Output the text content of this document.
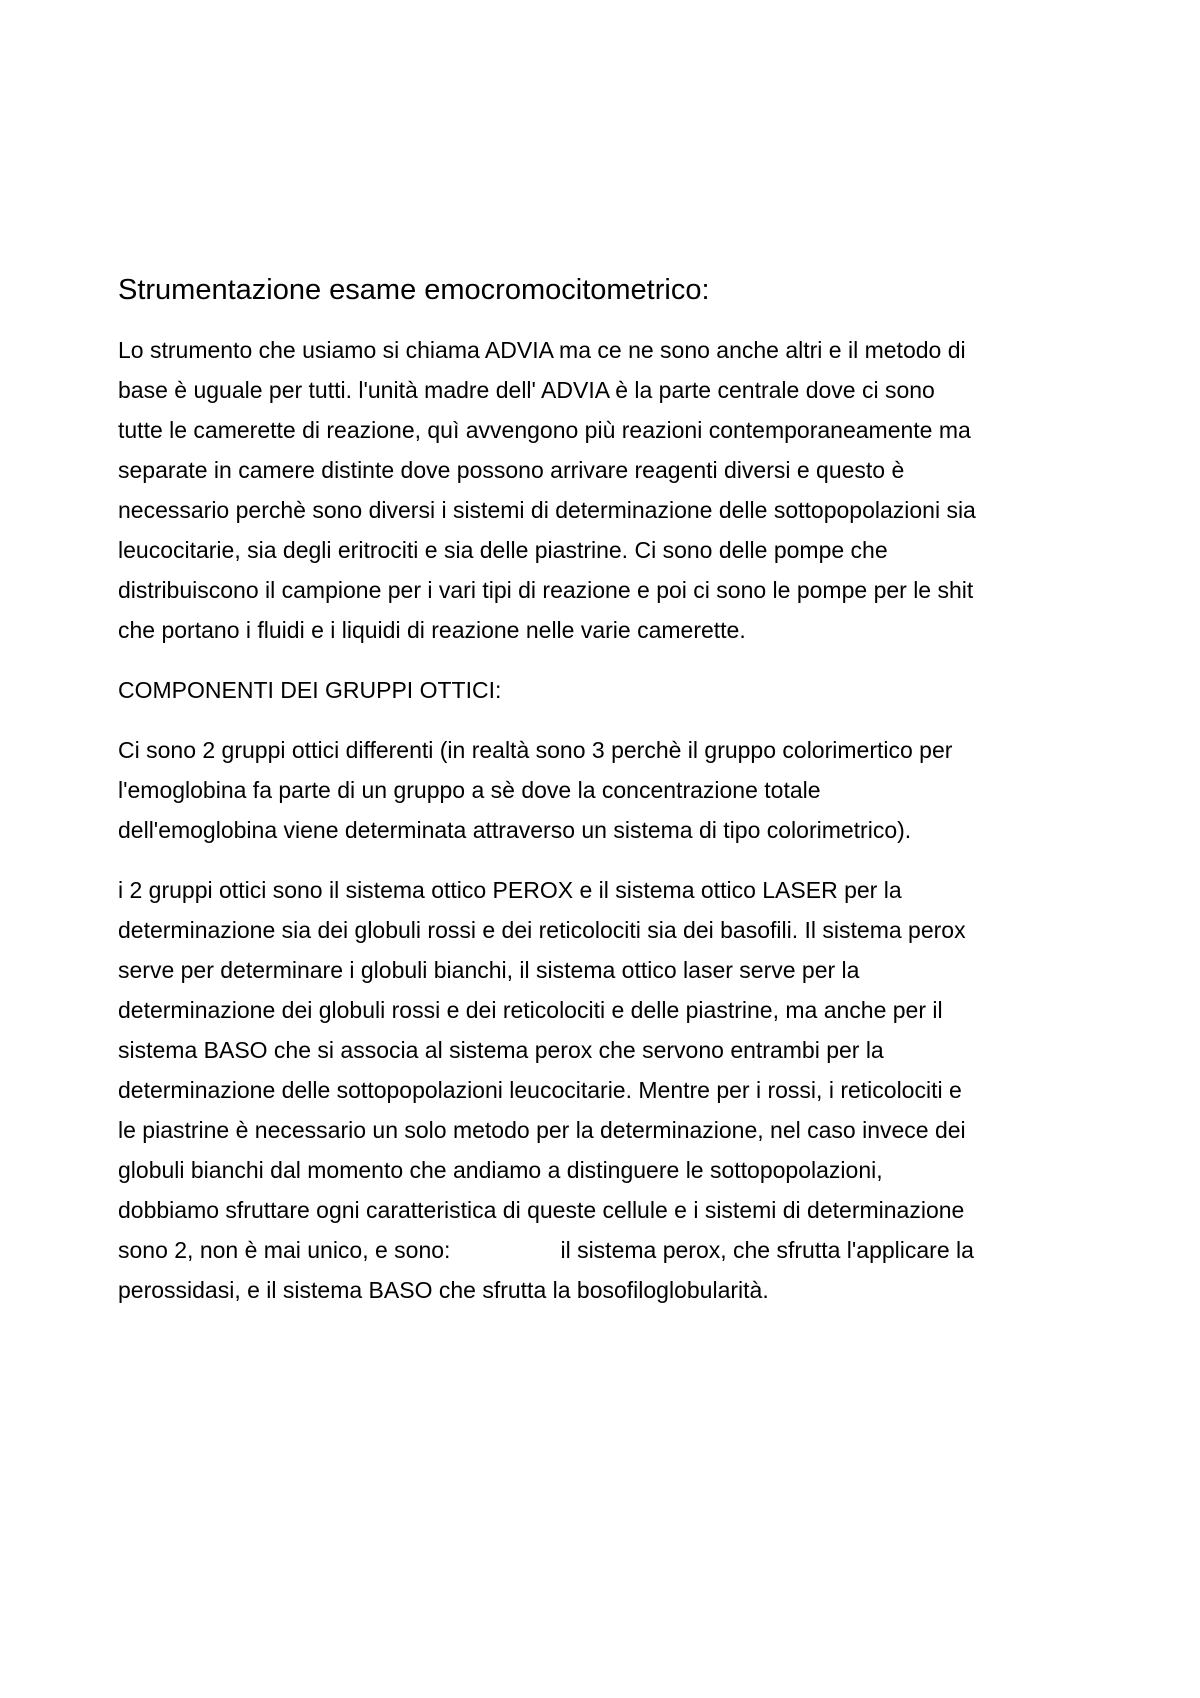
Strumentazione esame emocromocitometrico:

Lo strumento che usiamo si chiama ADVIA ma ce ne sono anche altri e il metodo di
base è uguale per tutti. l'unità madre dell' ADVIA è la parte centrale dove ci sono
tutte le camerette di reazione, quì avvengono più reazioni contemporaneamente ma
separate in camere distinte dove possono arrivare reagenti diversi e questo è
necessario perchè sono diversi i sistemi di determinazione delle sottopopolazioni sia
leucocitarie, sia degli eritrociti e sia delle piastrine. Ci sono delle pompe che
distribuiscono il campione per i vari tipi di reazione e poi ci sono le pompe per le shit
che portano i fluidi e i liquidi di reazione nelle varie camerette.

COMPONENTI DEI GRUPPI OTTICI:

Ci sono 2 gruppi ottici differenti (in realtà sono 3 perchè il gruppo colorimertico per
l'emoglobina fa parte di un gruppo a sè dove la concentrazione totale
dell'emoglobina viene determinata attraverso un sistema di tipo colorimetrico).

i 2 gruppi ottici sono il sistema ottico PEROX e il sistema ottico LASER per la
determinazione sia dei globuli rossi e dei reticolociti sia dei basofili. Il sistema perox
serve per determinare i globuli bianchi, il sistema ottico laser serve per la
determinazione dei globuli rossi e dei reticolociti e delle piastrine, ma anche per il
sistema BASO che si associa al sistema perox che servono entrambi per la
determinazione delle sottopopolazioni leucocitarie. Mentre per i rossi, i reticolociti e
le piastrine è necessario un solo metodo per la determinazione, nel caso invece dei
globuli bianchi dal momento che andiamo a distinguere le sottopopolazioni,
dobbiamo sfruttare ogni caratteristica di queste cellule e i sistemi di determinazione
sono 2, non è mai unico, e sono:	il sistema perox, che sfrutta l'applicare la
perossidasi, e il sistema BASO che sfrutta la bosofiloglobularità.
